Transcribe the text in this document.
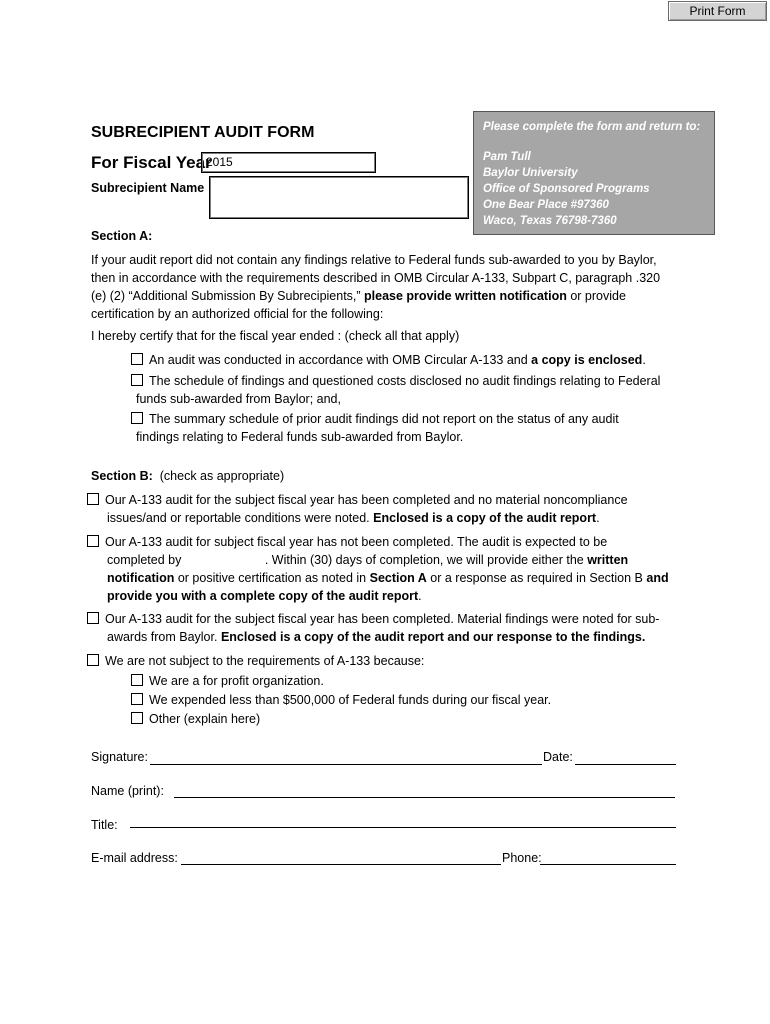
Print Form
SUBRECIPIENT AUDIT FORM
For Fiscal Year
2015
Subrecipient Name
Please complete the form and return to:
Pam Tull
Baylor University
Office of Sponsored Programs
One Bear Place #97360
Waco, Texas 76798-7360
Section A:
If your audit report did not contain any findings relative to Federal funds sub-awarded to you by Baylor,
then in accordance with the requirements described in OMB Circular A-133, Subpart C, paragraph .320
(e) (2) “Additional Submission By Subrecipients,” please provide written notification or provide
certification by an authorized official for the following:
I hereby certify that for the fiscal year ended : (check all that apply)
An audit was conducted in accordance with OMB Circular A-133 and a copy is enclosed.
The schedule of findings and questioned costs disclosed no audit findings relating to Federal
funds sub-awarded from Baylor; and,
The summary schedule of prior audit findings did not report on the status of any audit
findings relating to Federal funds sub-awarded from Baylor.
Section B: (check as appropriate)
Our A-133 audit for the subject fiscal year has been completed and no material noncompliance
issues/and or reportable conditions were noted. Enclosed is a copy of the audit report.
Our A-133 audit for subject fiscal year has not been completed. The audit is expected to be
completed by	. Within (30) days of completion, we will provide either the written
notification or positive certification as noted in Section A or a response as required in Section B and
provide you with a complete copy of the audit report.
Our A-133 audit for the subject fiscal year has been completed. Material findings were noted for sub-
awards from Baylor. Enclosed is a copy of the audit report and our response to the findings.
We are not subject to the requirements of A-133 because:
We are a for profit organization.
We expended less than $500,000 of Federal funds during our fiscal year.
Other (explain here)
Signature:	Date:
Name (print):
Title:
E-mail address:	Phone:
